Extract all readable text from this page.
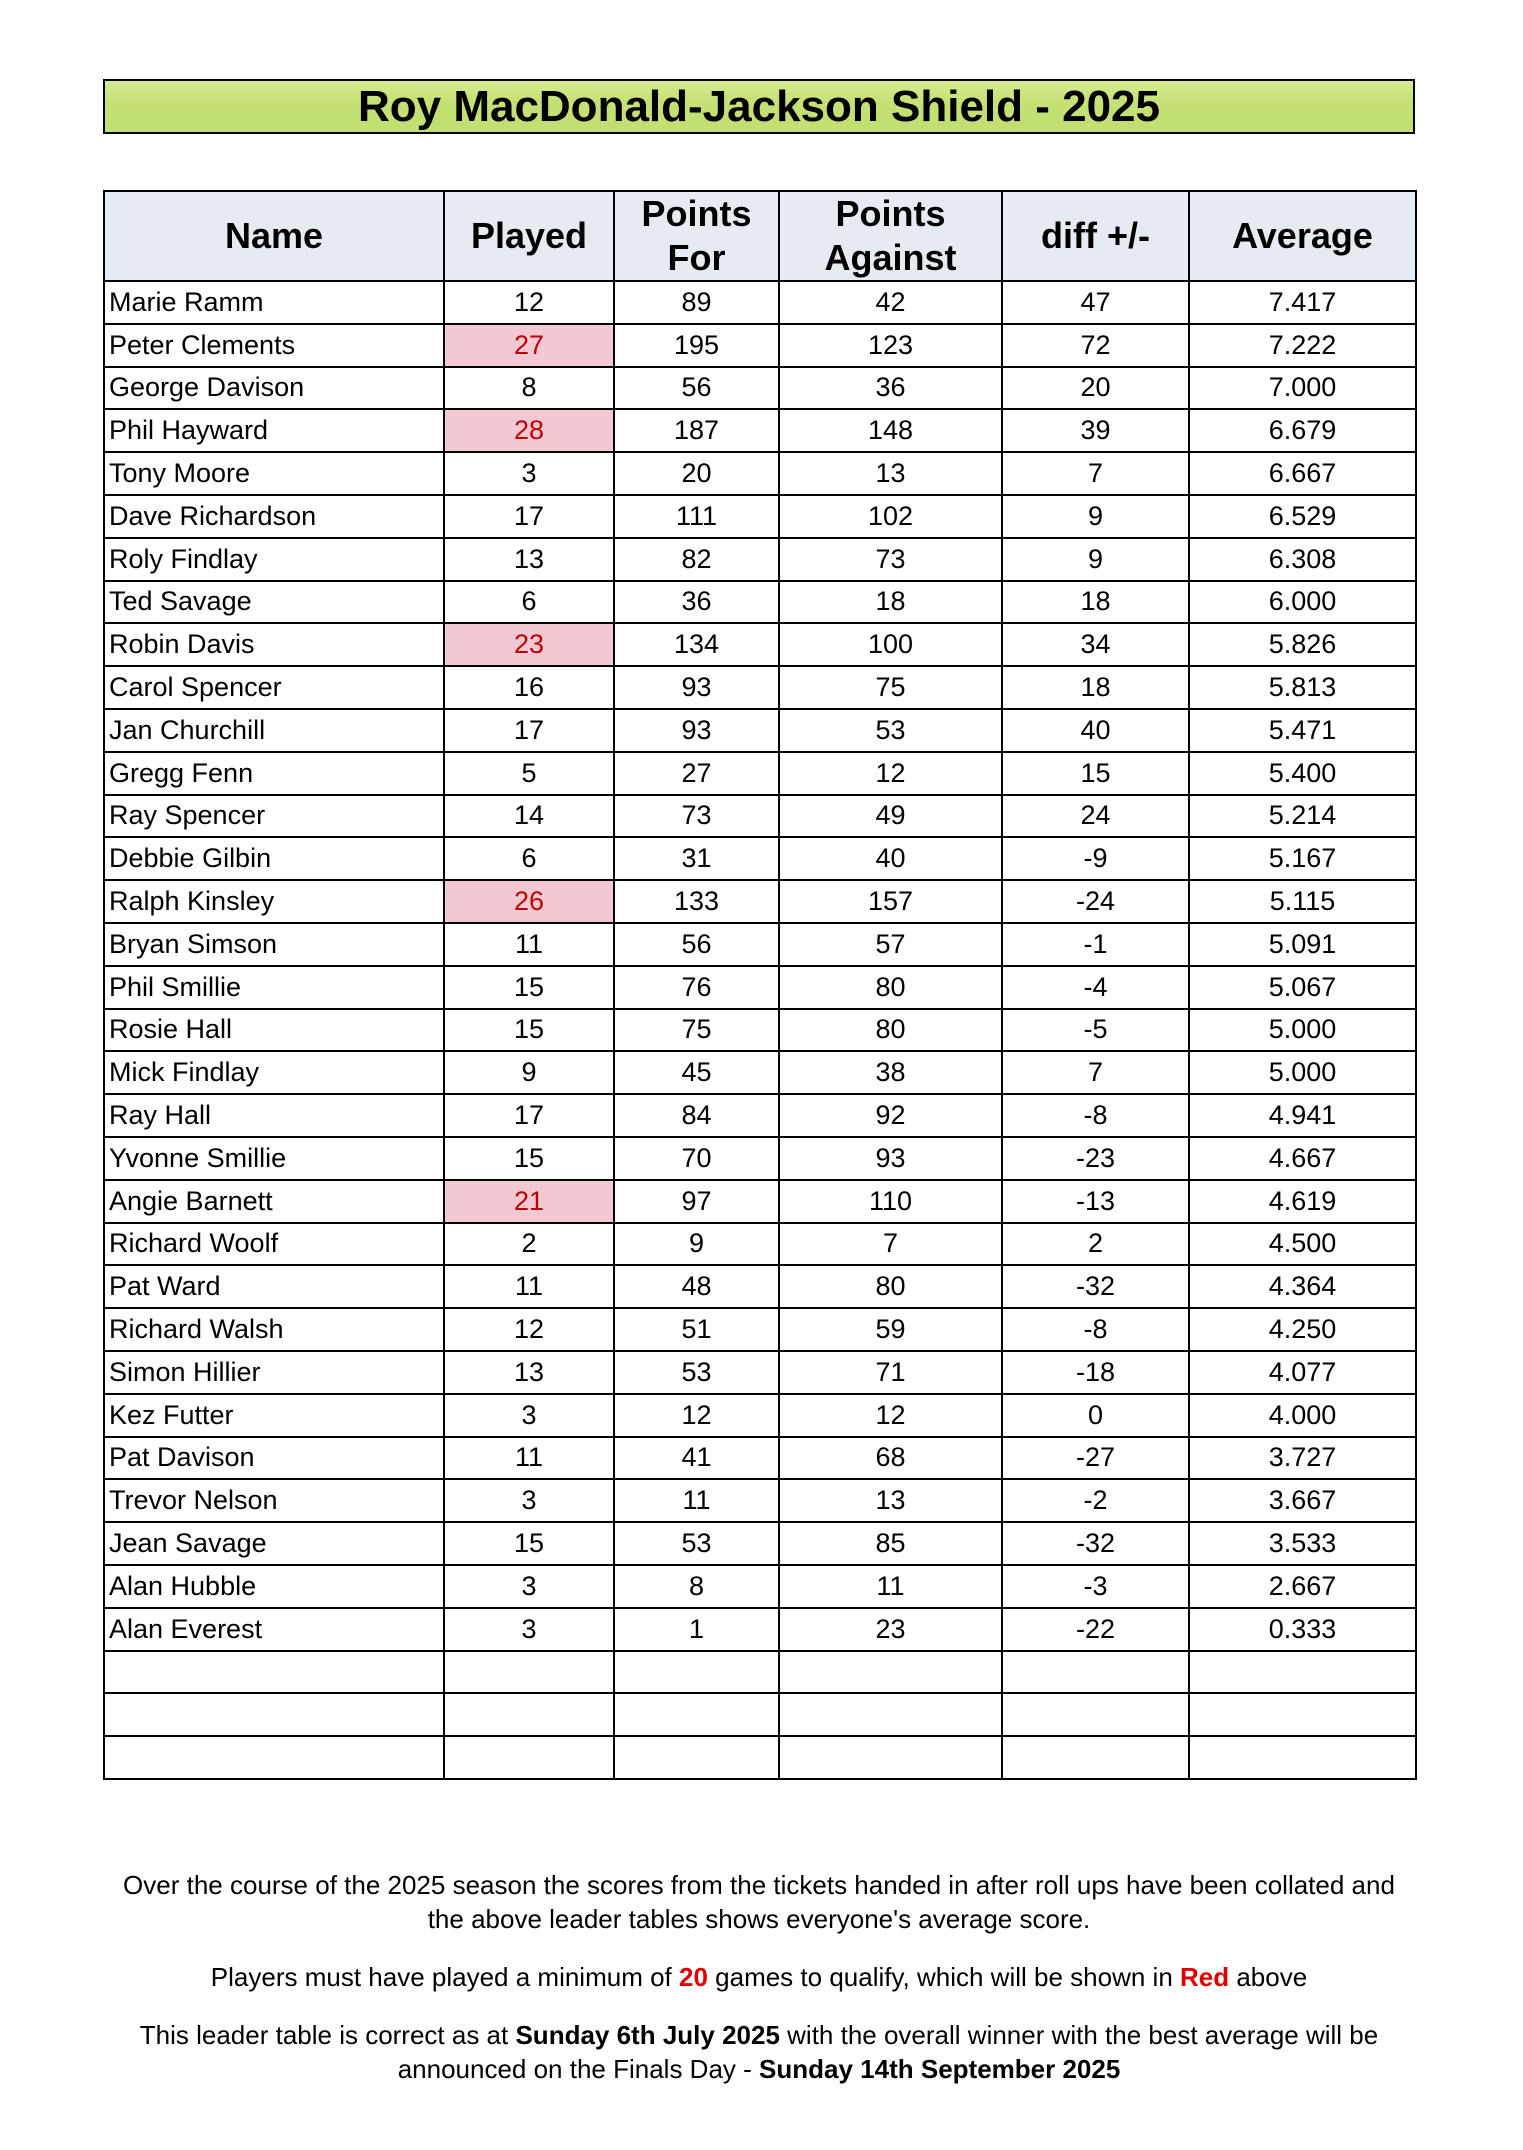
Roy MacDonald-Jackson Shield - 2025
Name	Played	Points For	Points Against	diff +/-	Average
Marie Ramm	12	89	42	47	7.417
Peter Clements	27	195	123	72	7.222
George Davison	8	56	36	20	7.000
Phil Hayward	28	187	148	39	6.679
Tony Moore	3	20	13	7	6.667
Dave Richardson	17	111	102	9	6.529
Roly Findlay	13	82	73	9	6.308
Ted Savage	6	36	18	18	6.000
Robin Davis	23	134	100	34	5.826
Carol Spencer	16	93	75	18	5.813
Jan Churchill	17	93	53	40	5.471
Gregg Fenn	5	27	12	15	5.400
Ray Spencer	14	73	49	24	5.214
Debbie Gilbin	6	31	40	-9	5.167
Ralph Kinsley	26	133	157	-24	5.115
Bryan Simson	11	56	57	-1	5.091
Phil Smillie	15	76	80	-4	5.067
Rosie Hall	15	75	80	-5	5.000
Mick Findlay	9	45	38	7	5.000
Ray Hall	17	84	92	-8	4.941
Yvonne Smillie	15	70	93	-23	4.667
Angie Barnett	21	97	110	-13	4.619
Richard Woolf	2	9	7	2	4.500
Pat Ward	11	48	80	-32	4.364
Richard Walsh	12	51	59	-8	4.250
Simon Hillier	13	53	71	-18	4.077
Kez Futter	3	12	12	0	4.000
Pat Davison	11	41	68	-27	3.727
Trevor Nelson	3	11	13	-2	3.667
Jean Savage	15	53	85	-32	3.533
Alan Hubble	3	8	11	-3	2.667
Alan Everest	3	1	23	-22	0.333

Over the course of the 2025 season the scores from the tickets handed in after roll ups have been collated and the above leader tables shows everyone's average score.

Players must have played a minimum of 20 games to qualify, which will be shown in Red above

This leader table is correct as at Sunday 6th July 2025 with the overall winner with the best average will be announced on the Finals Day - Sunday 14th September 2025
